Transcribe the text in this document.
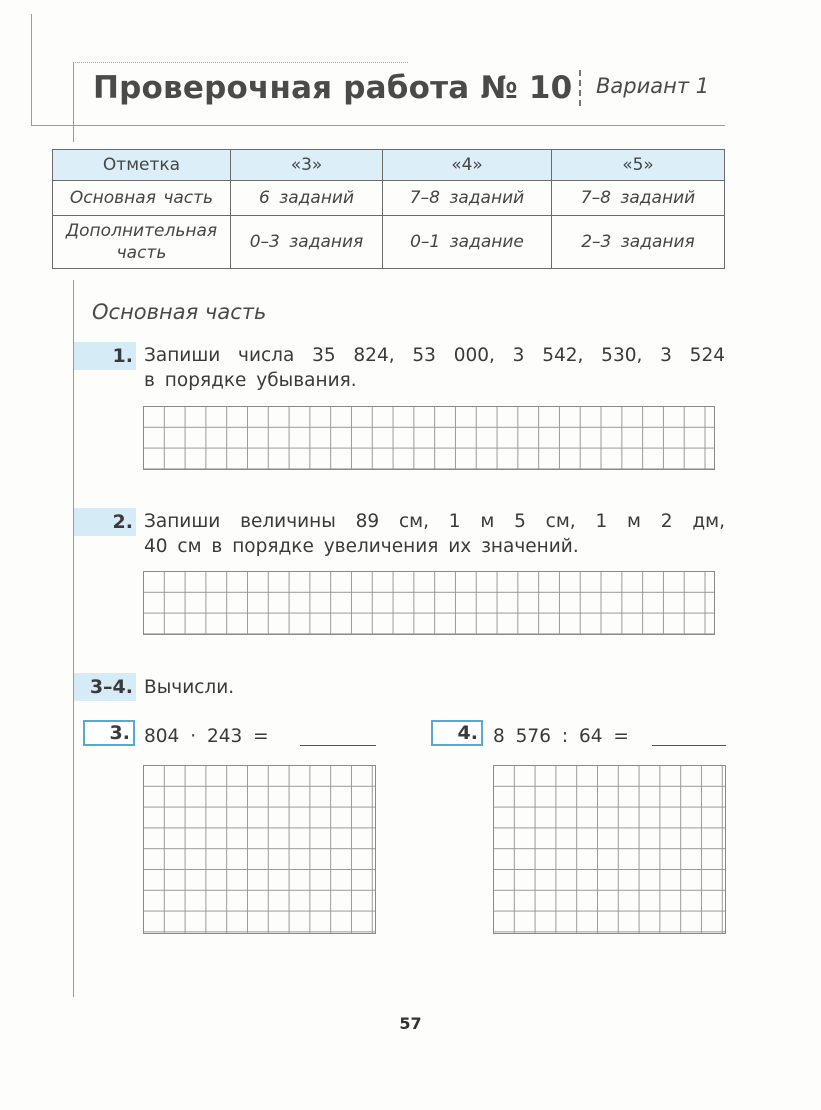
Проверочная работа № 10 Вариант 1
Отметка	«3»	«4»	«5»
Основная часть	6 заданий	7–8 заданий	7–8 заданий
Дополнительная часть	0–3 задания	0–1 задание	2–3 задания
Основная часть
1. Запиши числа 35 824, 53 000, 3 542, 530, 3 524
в порядке убывания.
2. Запиши величины 89 см, 1 м 5 см, 1 м 2 дм,
40 см в порядке увеличения их значений.
3–4. Вычисли.
3. 804 · 243 =	4. 8 576 : 64 =
57
